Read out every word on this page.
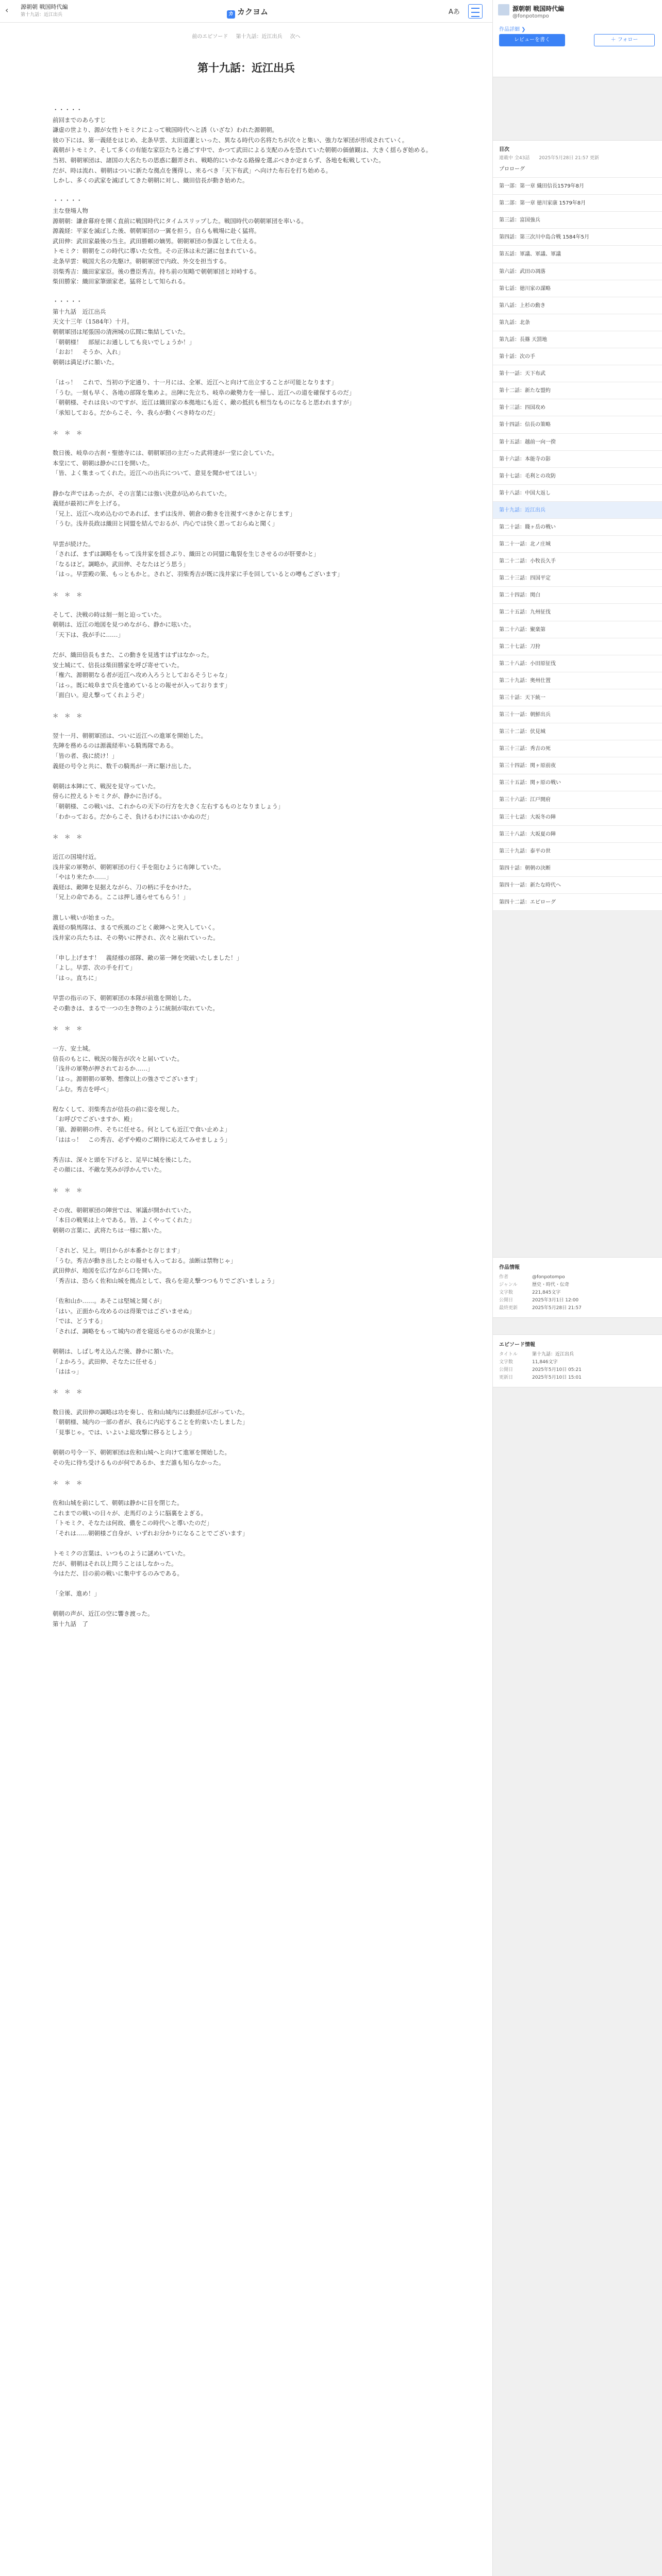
‹ 源朝朝 戦国時代編
第十九話：近江出兵	カ カクヨム	Aあ
前のエピソード 第十九話：近江出兵 次へ
第十九話：近江出兵

・・・・・

前回までのあらすじ

謙虚の世より、源が女性トモミクによって戦国時代へと誘（いざな）われた源朝朝。

彼の下には、第一義経をはじめ、北条早雲、太田道灌といった、異なる時代の名将たちが次々と集い、強力な軍団が形成されていく。

義朝がトモミク、そして多くの有能な家臣たちと過ごす中で、かつて武田による支配のみを恐れていた朝朝の価値観は、大きく揺らぎ始める。

当初、朝朝軍団は、諸国の大名たちの思惑に翻弄され、戦略的にいかなる路線を選ぶべきか定まらず、各地を転戦していた。

だが、時は流れ、朝朝はついに新たな拠点を獲得し、来るべき「天下布武」へ向けた布石を打ち始める。

しかし、多くの武家を滅ぼしてきた朝朝に対し、織田信長が動き始めた。

・・・・・

主な登場人物

源朝朝：謙倉幕府を開く直前に戦国時代にタイムスリップした。戦国時代の朝朝軍団を率いる。

源義経：平家を滅ぼした後、朝朝軍団の一翼を担う。自らも戦場に赴く猛将。

武田伸：武田家最後の当主。武田勝頼の嫡男。朝朝軍団の参謀として仕える。

トモミク：朝朝をこの時代に導いた女性。その正体は未だ謎に包まれている。

北条早雲：戦国大名の先駆け。朝朝軍団で内政、外交を担当する。

羽柴秀吉：織田家家臣。後の豊臣秀吉。持ち前の知略で朝朝軍団と対峙する。

柴田勝家：織田家筆頭家老。猛将として知られる。

・・・・・

第十九話　近江出兵

天文十三年（1584年）十月。

朝朝軍団は尾張国の清洲城の広間に集結していた。

「朝朝様！　部屋にお通ししても良いでしょうか！」

「おお！　そうか、入れ」

朝朝は満足げに頷いた。

「はっ！　これで、当初の予定通り、十一月には、全軍、近江へと向けて出立することが可能となります」

「うむ。一刻も早く、各地の部隊を集めよ。出陣に先立ち、岐阜の敵勢力を一掃し、近江への道を確保するのだ」

「朝朝様、それは良いのですが、近江は織田家の本拠地にも近く、敵の抵抗も相当なものになると思われますが」

「承知しておる。だからこそ、今、我らが動くべき時なのだ」

＊　＊　＊

数日後、岐阜の古刹・聖徳寺には、朝朝軍団の主だった武将達が一堂に会していた。

本堂にて、朝朝は静かに口を開いた。

「皆、よく集まってくれた。近江への出兵について、意見を聞かせてほしい」

静かな声ではあったが、その言葉には強い決意が込められていた。

義経が最初に声を上げる。

「兄上、近江へ攻め込むのであれば、まずは浅井、朝倉の動きを注視すべきかと存じます」

「うむ。浅井長政は織田と同盟を結んでおるが、内心では快く思っておらぬと聞く」

早雲が続けた。

「されば、まずは調略をもって浅井家を揺さぶり、織田との同盟に亀裂を生じさせるのが肝要かと」

「なるほど。調略か。武田伸、そなたはどう思う」

「はっ。早雲殿の策、もっともかと。されど、羽柴秀吉が既に浅井家に手を回しているとの噂もございます」

＊　＊　＊

そして、決戦の時は刻一刻と迫っていた。

朝朝は、近江の地図を見つめながら、静かに呟いた。

「天下は、我が手に……」

だが、織田信長もまた、この動きを見逃すはずはなかった。

安土城にて、信長は柴田勝家を呼び寄せていた。

「権六、源朝朝なる者が近江へ攻め入ろうとしておるそうじゃな」

「はっ。既に岐阜まで兵を進めているとの報せが入っております」

「面白い。迎え撃ってくれようぞ」

＊　＊　＊

翌十一月、朝朝軍団は、ついに近江への進軍を開始した。

先陣を務めるのは源義経率いる騎馬隊である。

「皆の者、我に続け！」

義経の号令と共に、数千の騎馬が一斉に駆け出した。

朝朝は本陣にて、戦況を見守っていた。

傍らに控えるトモミクが、静かに告げる。

「朝朝様、この戦いは、これからの天下の行方を大きく左右するものとなりましょう」

「わかっておる。だからこそ、負けるわけにはいかぬのだ」

＊　＊　＊

近江の国境付近。

浅井家の軍勢が、朝朝軍団の行く手を阻むように布陣していた。

「やはり来たか……」

義経は、敵陣を見据えながら、刀の柄に手をかけた。

「兄上の命である。ここは押し通らせてもらう！」

激しい戦いが始まった。

義経の騎馬隊は、まるで疾風のごとく敵陣へと突入していく。

浅井家の兵たちは、その勢いに押され、次々と崩れていった。

「申し上げます！　義経様の部隊、敵の第一陣を突破いたしました！」

「よし。早雲、次の手を打て」

「はっ。直ちに」

早雲の指示の下、朝朝軍団の本隊が前進を開始した。

その動きは、まるで一つの生き物のように統制が取れていた。

＊　＊　＊

一方、安土城。

信長のもとに、戦況の報告が次々と届いていた。

「浅井の軍勢が押されておるか……」

「はっ。源朝朝の軍勢、想像以上の強さでございます」

「ふむ。秀吉を呼べ」

程なくして、羽柴秀吉が信長の前に姿を現した。

「お呼びでございますか、殿」

「猿、源朝朝の件、そちに任せる。何としても近江で食い止めよ」

「ははっ！　この秀吉、必ずや殿のご期待に応えてみせましょう」

秀吉は、深々と頭を下げると、足早に城を後にした。

その顔には、不敵な笑みが浮かんでいた。

＊　＊　＊

その夜、朝朝軍団の陣営では、軍議が開かれていた。

「本日の戦果は上々である。皆、よくやってくれた」

朝朝の言葉に、武将たちは一様に頷いた。

「されど、兄上。明日からが本番かと存じます」

「うむ。秀吉が動き出したとの報せも入っておる。油断は禁物じゃ」

武田伸が、地図を広げながら口を開いた。

「秀吉は、恐らく佐和山城を拠点として、我らを迎え撃つつもりでございましょう」

「佐和山か……。あそこは堅城と聞くが」

「はい。正面から攻めるのは得策ではございませぬ」

「では、どうする」

「されば、調略をもって城内の者を寝返らせるのが良策かと」

朝朝は、しばし考え込んだ後、静かに頷いた。

「よかろう。武田伸、そなたに任せる」

「ははっ」

＊　＊　＊

数日後、武田伸の調略は功を奏し、佐和山城内には動揺が広がっていた。

「朝朝様、城内の一部の者が、我らに内応することを約束いたしました」

「見事じゃ。では、いよいよ総攻撃に移るとしよう」

朝朝の号令一下、朝朝軍団は佐和山城へと向けて進軍を開始した。

その先に待ち受けるものが何であるか、まだ誰も知らなかった。

＊　＊　＊

佐和山城を前にして、朝朝は静かに目を閉じた。

これまでの戦いの日々が、走馬灯のように脳裏をよぎる。

「トモミク、そなたは何故、儂をこの時代へと導いたのだ」

「それは……朝朝様ご自身が、いずれお分かりになることでございます」

トモミクの言葉は、いつものように謎めいていた。

だが、朝朝はそれ以上問うことはしなかった。

今はただ、目の前の戦いに集中するのみである。

「全軍、進め！」

朝朝の声が、近江の空に響き渡った。

第十九話　了

源朝朝 戦国時代編
@fonpotompo
作品詳細 ❯
レビューを書く	＋ フォロー
目次
連載中 全43話　　2025年5月28日 21:57 更新
プロローグ
第一部：第一章 織田信長1579年8月
第二部：第一章 徳川家康 1579年8月
第三話：富国強兵
第四話：第三次川中島合戦 1584年5月
第五話：軍議、軍議、軍議
第六話：武田の凋落
第七話：徳川家の謀略
第八話：上杉の動き
第九話：北条
第九話：長篠 天罰地
第十話：次の手
第十一話：天下布武
第十二話：新たな盟約
第十三話：四国攻め
第十四話：信長の策略
第十五話：越前一向一揆
第十六話：本能寺の影
第十七話：毛利との攻防
第十八話：中国大返し
第十九話：近江出兵
第二十話：賤ヶ岳の戦い
第二十一話：北ノ庄城
第二十二話：小牧長久手
第二十三話：四国平定
第二十四話：関白
第二十五話：九州征伐
第二十六話：聚楽第
第二十七話：刀狩
第二十八話：小田原征伐
第二十九話：奥州仕置
第三十話：天下統一
第三十一話：朝鮮出兵
第三十二話：伏見城
第三十三話：秀吉の死
第三十四話：関ヶ原前夜
第三十五話：関ヶ原の戦い
第三十六話：江戸開府
第三十七話：大坂冬の陣
第三十八話：大坂夏の陣
第三十九話：泰平の世
第四十話：朝朝の決断
第四十一話：新たな時代へ
第四十二話：エピローグ
作品情報
作者	@fonpotompo
ジャンル	歴史・時代・伝奇
文字数	221,845文字
公開日	2025年3月1日 12:00
最終更新	2025年5月28日 21:57
エピソード情報
タイトル	第十九話：近江出兵
文字数	11,846文字
公開日	2025年5月10日 05:21
更新日	2025年5月10日 15:01
